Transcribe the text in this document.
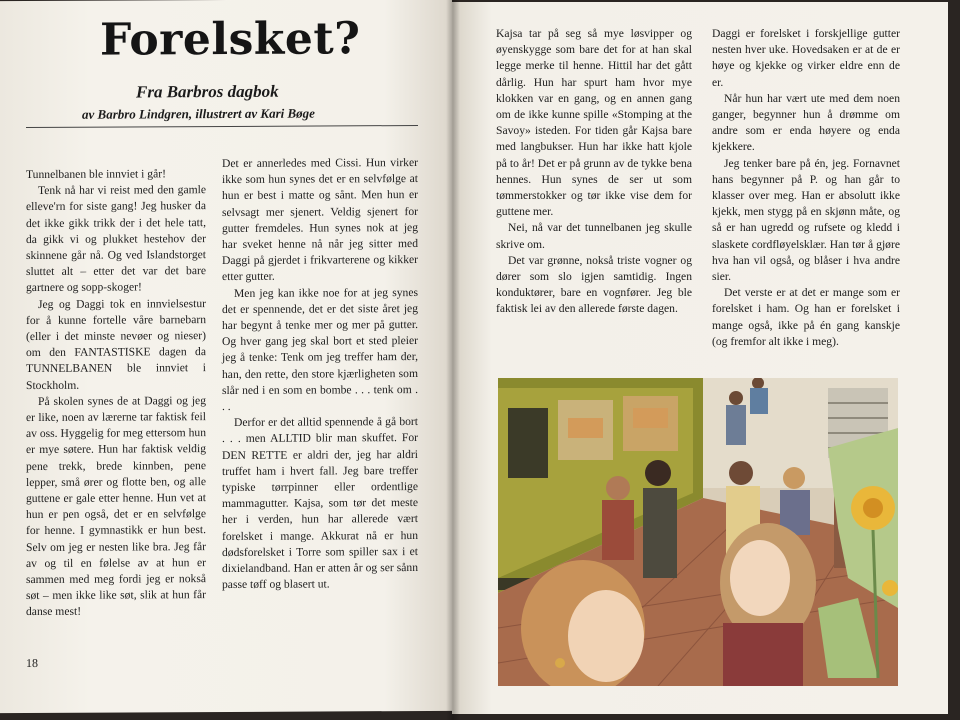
Forelsket?
Fra Barbros dagbok
av Barbro Lindgren, illustrert av Kari Bøge

Tunnelbanen ble innviet i går!

Tenk nå har vi reist med den gamle elleve'rn for siste gang! Jeg husker da det ikke gikk trikk der i det hele tatt, da gikk vi og plukket hestehov der skinnene går nå. Og ved Islandstorget sluttet alt – etter det var det bare gartnere og sopp-skoger!

Jeg og Daggi tok en innvielsestur for å kunne fortelle våre barnebarn (eller i det minste nevøer og nieser) om den FANTASTISKE dagen da TUNNELBANEN ble innviet i Stockholm.

På skolen synes de at Daggi og jeg er like, noen av lærerne tar faktisk feil av oss. Hyggelig for meg ettersom hun er mye søtere. Hun har faktisk veldig pene trekk, brede kinnben, pene lepper, små ører og flotte ben, og alle guttene er gale etter henne. Hun vet at hun er pen også, det er en selvfølge for henne. I gymnastikk er hun best. Selv om jeg er nesten like bra. Jeg får av og til en følelse av at hun er sammen med meg fordi jeg er nokså søt – men ikke like søt, slik at hun får danse mest!

Det er annerledes med Cissi. Hun virker ikke som hun synes det er en selvfølge at hun er best i matte og sånt. Men hun er selvsagt mer sjenert. Veldig sjenert for gutter fremdeles. Hun synes nok at jeg har sveket henne nå når jeg sitter med Daggi på gjerdet i frikvarterene og kikker etter gutter.

Men jeg kan ikke noe for at jeg synes det er spennende, det er det siste året jeg har begynt å tenke mer og mer på gutter. Og hver gang jeg skal bort et sted pleier jeg å tenke: Tenk om jeg treffer ham der, han, den rette, den store kjærligheten som slår ned i en som en bombe . . . tenk om . . .

Derfor er det alltid spennende å gå bort . . . men ALLTID blir man skuffet. For DEN RETTE er aldri der, jeg har aldri truffet ham i hvert fall. Jeg bare treffer typiske tørrpinner eller ordentlige mammagutter. Kajsa, som tør det meste her i verden, hun har allerede vært forelsket i mange. Akkurat nå er hun dødsforelsket i Torre som spiller sax i et dixielandband. Han er atten år og ser sånn passe tøff og blasert ut.

18

Kajsa tar på seg så mye løsvipper og øyenskygge som bare det for at han skal legge merke til henne. Hittil har det gått dårlig. Hun har spurt ham hvor mye klokken var en gang, og en annen gang om de ikke kunne spille «Stomping at the Savoy» isteden. For tiden går Kajsa bare med langbukser. Hun har ikke hatt kjole på to år! Det er på grunn av de tykke bena hennes. Hun synes de ser ut som tømmerstokker og tør ikke vise dem for guttene mer.

Nei, nå var det tunnelbanen jeg skulle skrive om.

Det var grønne, nokså triste vogner og dører som slo igjen samtidig. Ingen konduktører, bare en vognfører. Jeg ble faktisk lei av den allerede første dagen.

Daggi er forelsket i forskjellige gutter nesten hver uke. Hovedsaken er at de er høye og kjekke og virker eldre enn de er.

Når hun har vært ute med dem noen ganger, begynner hun å drømme om andre som er enda høyere og enda kjekkere.

Jeg tenker bare på én, jeg. Fornavnet hans begynner på P. og han går to klasser over meg. Han er absolutt ikke kjekk, men stygg på en skjønn måte, og så er han ugredd og rufsete og kledd i slaskete cordfløyelsklær. Han tør å gjøre hva han vil også, og blåser i hva andre sier.

Det verste er at det er mange som er forelsket i ham. Og han er forelsket i mange også, ikke på én gang kanskje (og fremfor alt ikke i meg).
